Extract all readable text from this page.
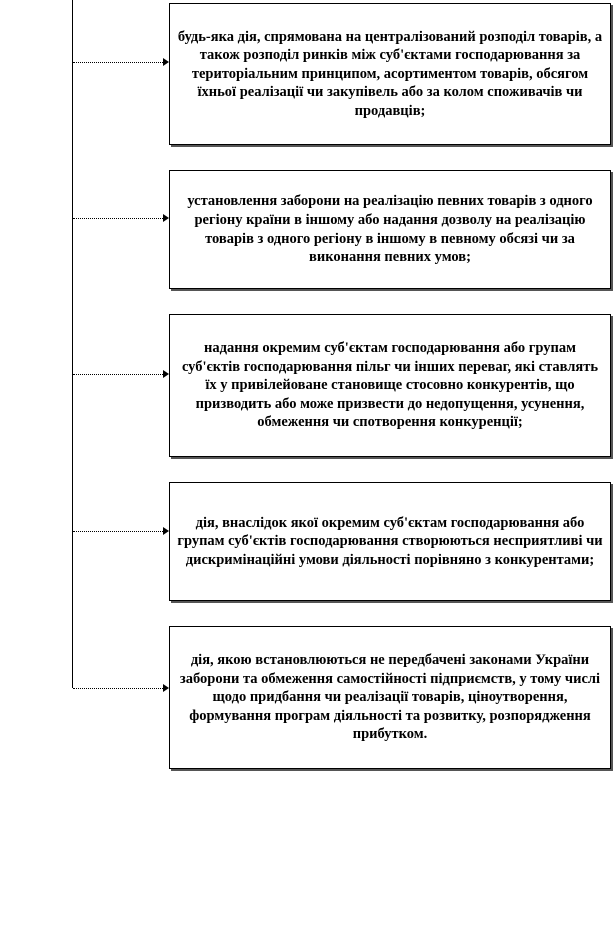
будь-яка дія, спрямована на централізований розподіл товарів, а також розподіл ринків між суб'єктами господарювання за територіальним принципом, асортиментом товарів, обсягом їхньої реалізації чи закупівель або за колом споживачів чи продавців;
установлення заборони на реалізацію певних товарів з одного регіону країни в іншому або надання дозволу на реалізацію товарів з одного регіону в іншому в певному обсязі чи за виконання певних умов;
надання окремим суб'єктам господарювання або групам суб'єктів господарювання пільг чи інших переваг, які ставлять їх у привілейоване становище стосовно конкурентів, що призводить або може призвести до недопущення, усунення, обмеження чи спотворення конкуренції;
дія, внаслідок якої окремим суб'єктам господарювання або групам суб'єктів господарювання створюються несприятливі чи дискримінаційні умови діяльності порівняно з конкурентами;
дія, якою встановлюються не передбачені законами України заборони та обмеження самостійності підприємств, у тому числі щодо придбання чи реалізації товарів, ціноутворення, формування програм діяльності та розвитку, розпорядження прибутком.
